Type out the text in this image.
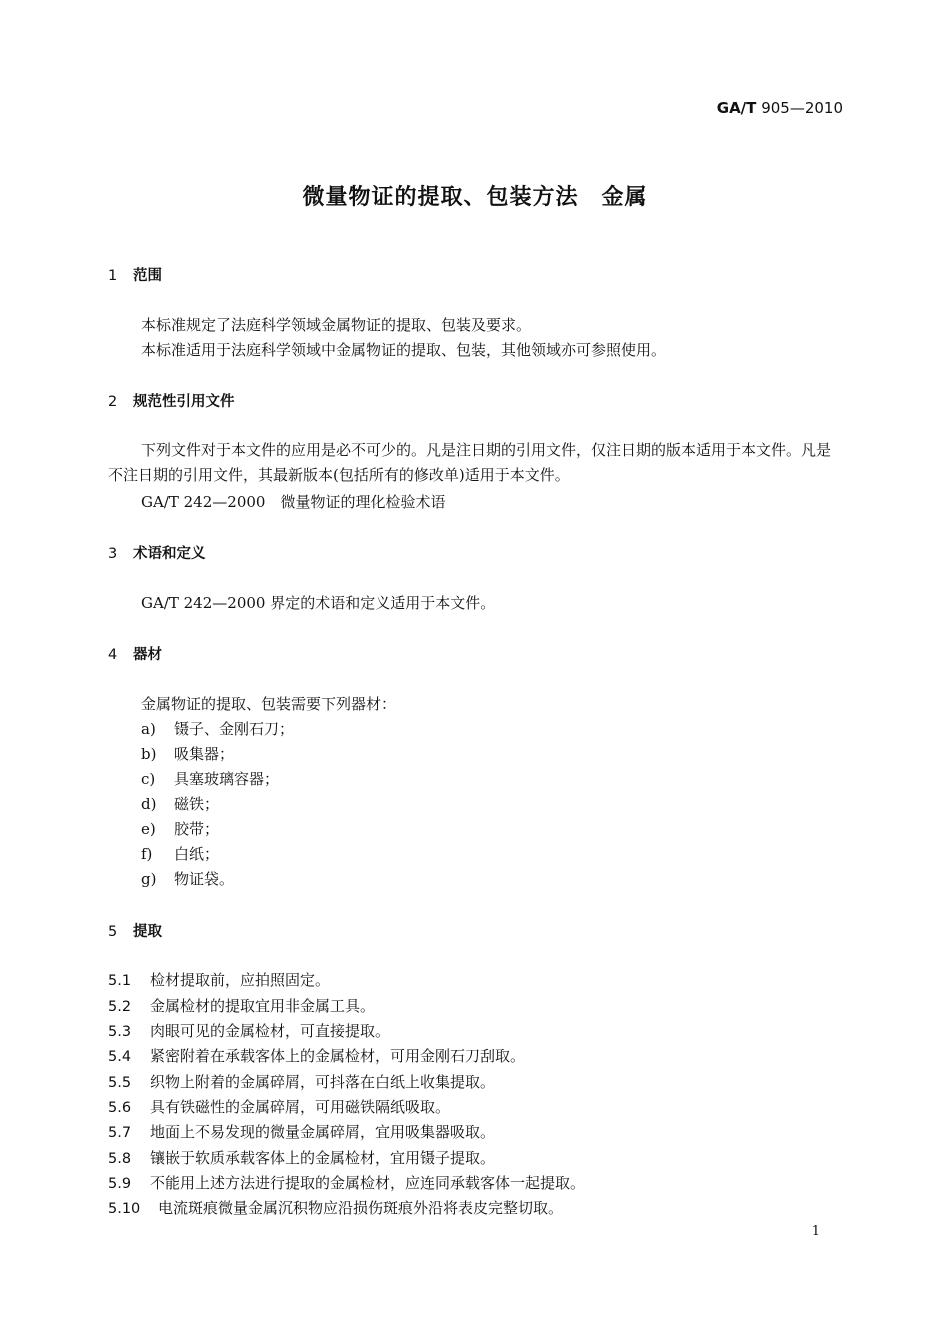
GA/T 905—2010
微量物证的提取、包装方法　金属
1 范围
本标准规定了法庭科学领域金属物证的提取、包装及要求。
本标准适用于法庭科学领域中金属物证的提取、包装，其他领域亦可参照使用。
2 规范性引用文件
下列文件对于本文件的应用是必不可少的。凡是注日期的引用文件，仅注日期的版本适用于本文件。凡是不注日期的引用文件，其最新版本(包括所有的修改单)适用于本文件。
GA/T 242—2000　微量物证的理化检验术语
3 术语和定义
GA/T 242—2000 界定的术语和定义适用于本文件。
4 器材
金属物证的提取、包装需要下列器材：
a) 镊子、金刚石刀；
b) 吸集器；
c) 具塞玻璃容器；
d) 磁铁；
e) 胶带；
f) 白纸；
g) 物证袋。
5 提取
5.1 检材提取前，应拍照固定。
5.2 金属检材的提取宜用非金属工具。
5.3 肉眼可见的金属检材，可直接提取。
5.4 紧密附着在承载客体上的金属检材，可用金刚石刀刮取。
5.5 织物上附着的金属碎屑，可抖落在白纸上收集提取。
5.6 具有铁磁性的金属碎屑，可用磁铁隔纸吸取。
5.7 地面上不易发现的微量金属碎屑，宜用吸集器吸取。
5.8 镶嵌于软质承载客体上的金属检材，宜用镊子提取。
5.9 不能用上述方法进行提取的金属检材，应连同承载客体一起提取。
5.10 电流斑痕微量金属沉积物应沿损伤斑痕外沿将表皮完整切取。
1
